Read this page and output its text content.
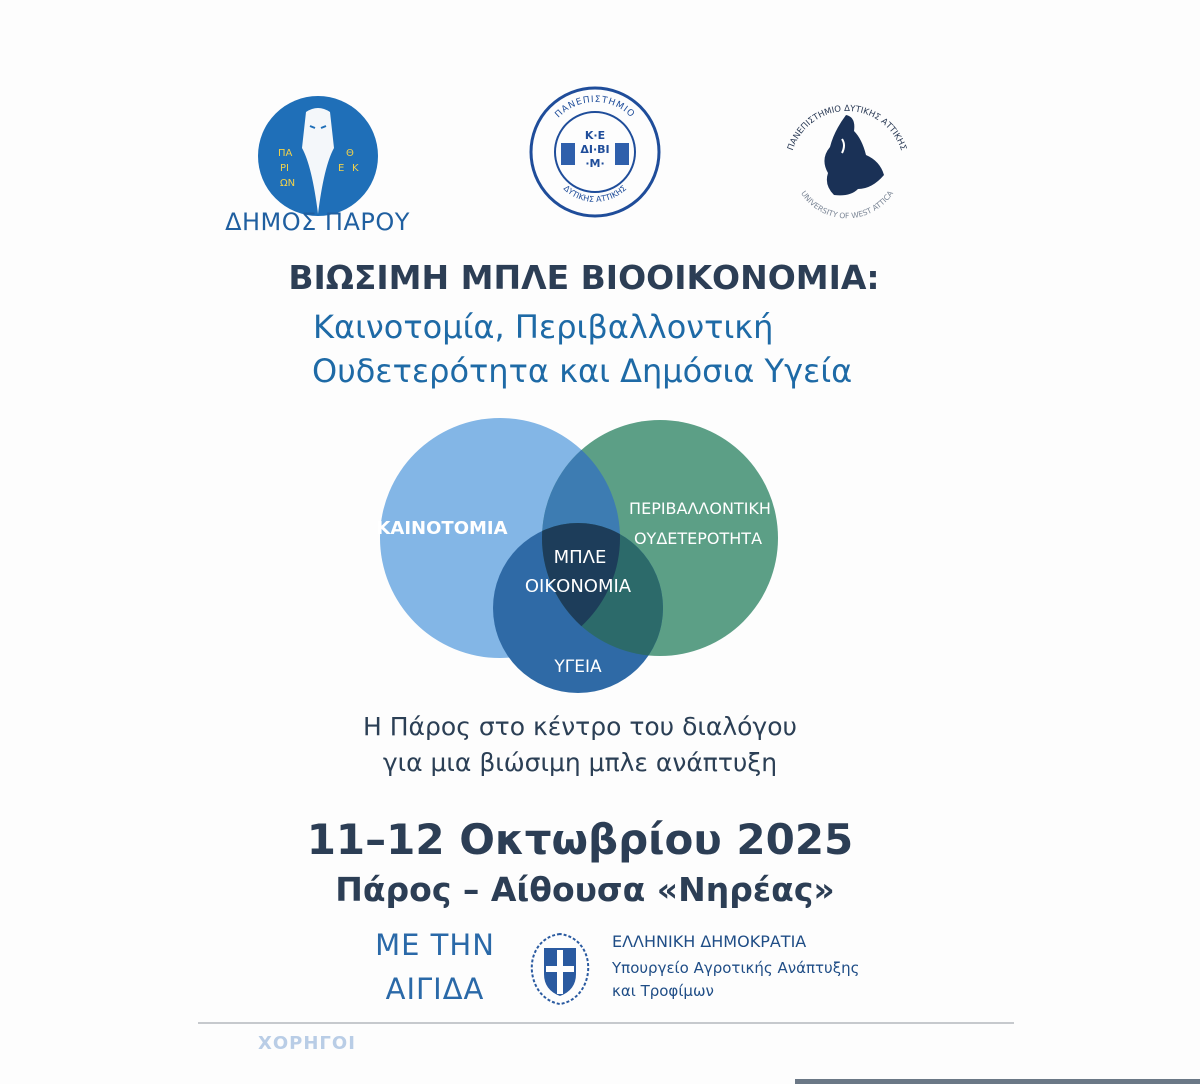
ΠΑ
ΡΙ
ΩΝ
Θ
Ε Κ
ΔΗΜΟΣ ΠΑΡΟΥ
ΠΑΝΕΠΙΣΤΗΜΙΟ
ΔΥΤΙΚΗΣ ΑΤΤΙΚΗΣ
Κ·Ε
ΔΙ·ΒΙ
·Μ·
ΠΑΝΕΠΙΣΤΗΜΙΟ ΔΥΤΙΚΗΣ ΑΤΤΙΚΗΣ
UNIVERSITY OF WEST ATTICA
ΒΙΩΣΙΜΗ ΜΠΛΕ ΒΙΟΟΙΚΟΝΟΜΙΑ:
Καινοτομία, Περιβαλλοντική
Ουδετερότητα και Δημόσια Υγεία
ΚΑΙΝΟΤΟΜΙΑ
ΠΕΡΙΒΑΛΛΟΝΤΙΚΗ
ΟΥΔΕΤΕΡΟΤΗΤΑ
ΜΠΛΕ
ΟΙΚΟΝΟΜΙΑ
ΥΓΕΙΑ
Η Πάρος στο κέντρο του διαλόγου
για μια βιώσιμη μπλε ανάπτυξη
11–12 Οκτωβρίου 2025
Πάρος – Αίθουσα «Νηρέας»
ΜΕ ΤΗΝ
ΑΙΓΙΔΑ
ΕΛΛΗΝΙΚΗ ΔΗΜΟΚΡΑΤΙΑ
Υπουργείο Αγροτικής Ανάπτυξης
και Τροφίμων
ΧΟΡΗΓΟΙ
